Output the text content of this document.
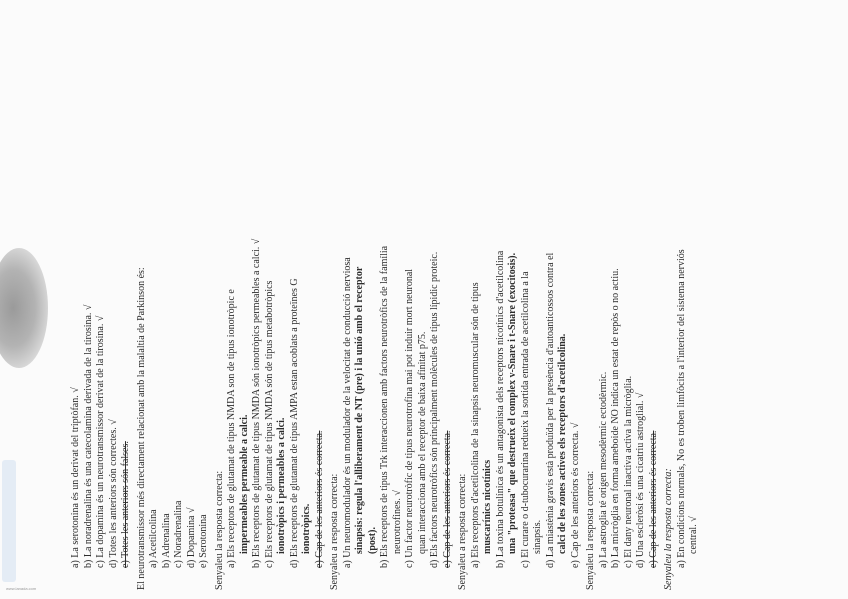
www.lanada.com
a) La serotonina és un derivat del triptòfan. √ b) La noradrenalina és una catecolamina derivada de la tirosina. √ c) La dopamina és un neurotransmissor derivat de la tirosina. √ d) Totes les anteriors són correctes. √ e) Totes les anteriors són falses. El neurotransmissor més directament relacionat amb la malaltia de Parkinson és: a) Acetilcolina b) Adrenalina c) Noradrenalina d) Dopamina √ e) Serotonina Senyaleu la resposta correcta: a) Els receptors de glutamat de tipus NMDA son de tipus ionotròpic e impermeables permeable a calci. b) Els receptors de glutamat de tipus NMDA són ionotròpics permeables a calci. √ c) Els receptors de glutamat de tipus NMDA són de tipus metabotròpics ionotròpics i permeables a calci. d) Els receptors de glutamat de tipus AMPA estan acoblats a proteïnes G ionotròpics. e) Cap de les anteriors és correcta. Senyaleu a resposta correcta: a) Un neuromodulador és un modulador de la velocitat de conducció nerviosa sinapsis: regula l'alliberament de NT (pre) i la unió amb el receptor (post). b) Els receptors de tipus Trk interaccionen amb factors neurotròfics de la família neurotrofines. √ c) Un factor neurotròfic de tipus neurotrofina mai pot induir mort neuronal quan interacciona amb el receptor de baixa afinitat p75. d) Els factors neurotròfics són principalment molècules de tipus lípidic proteic. e) Cap de les anteriors és correcta. Senyaleu a resposta correcta: a) Els receptors d'acetilcolina de la sinapsis neuromuscular són de tipus muscarínics nicotínics b) La toxina botulínica és un antagonista dels receptors nicotínics d'acetilcolina una "proteasa" que destrueix el complex v-Snare i t-Snare (exocitosis). c) El curare o d-tubocurarina redueix la sortida entrada de acetilcolina a la sinapsis. d) La miastènia gravis està produïda per la presència d'autoanticossos contra el calci de les zones actives els receptors d'acetilcolina. e) Cap de les anteriors és correcta. √ Senyaleu la resposta correcta: a) La astroglia té origen mesodèrmic ectodèrmic. b) La micròglia en forma ameboide NO indica un estat de repòs o no actiu. c) El dany neuronal inactiva activa la micròglia. d) Una escleròsi és una cicatriu astroglial. √ e) Cap de les anteriors és correcta. Senyaleu la resposta correcta: a) En condicions normals, No es troben limfòcits a l'interior del sistema nerviós central. √
